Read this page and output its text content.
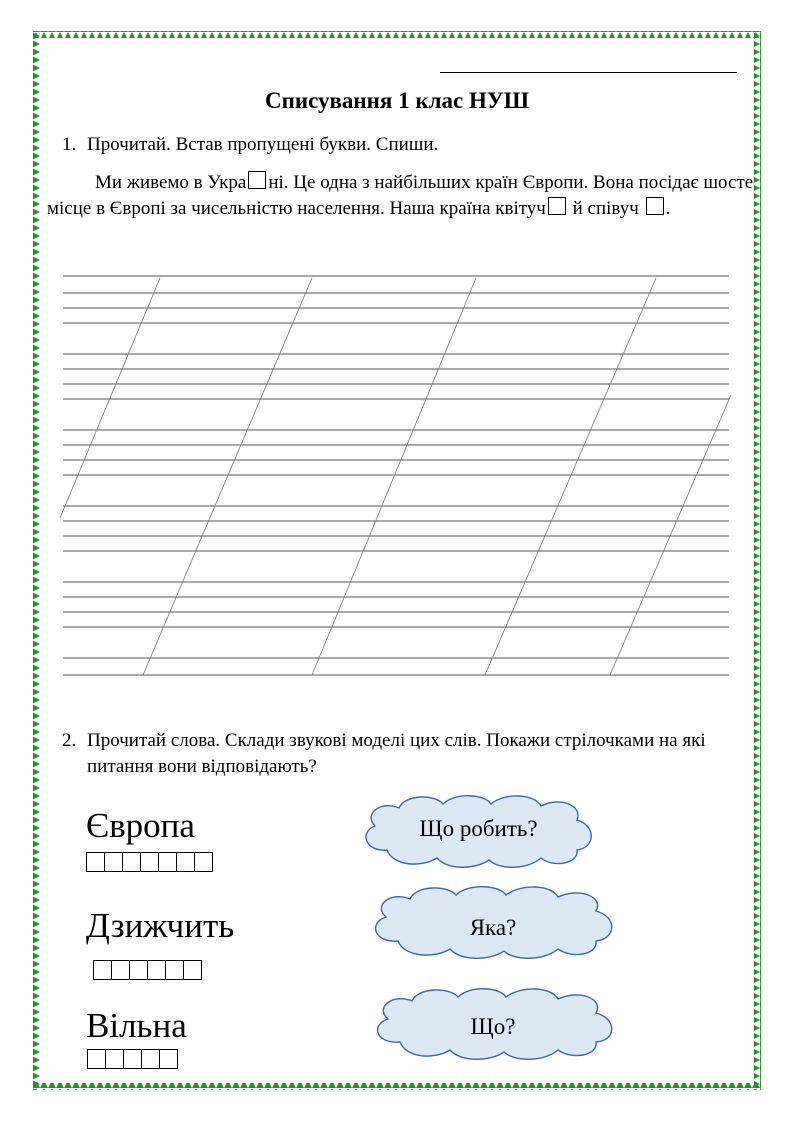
Списування 1 клас НУШ
1. Прочитай. Встав пропущені букви. Спиши.
Ми живемо в Укра ні. Це одна з найбільших країн Європи. Вона посідає шосте місце в Європі за чисельністю населення. Наша країна квітуч й співуч .
2. Прочитай слова. Склади звукові моделі цих слів. Покажи стрілочками на які питання вони відповідають?
Європа
Дзижчить
Вільна
Що робить?
Яка?
Що?
